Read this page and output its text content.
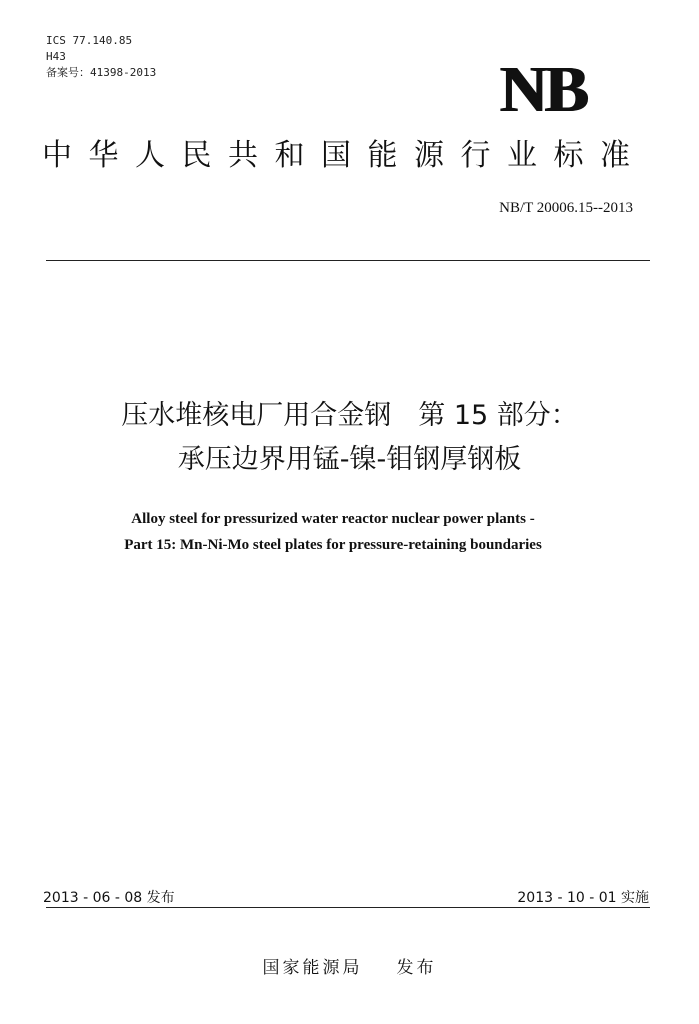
ICS 77.140.85
H43
备案号：41398-2013	NB
中华人民共和国能源行业标准
NB/T 20006.15--2013
压水堆核电厂用合金钢　第 15 部分：
承压边界用锰-镍-钼钢厚钢板
Alloy steel for pressurized water reactor nuclear power plants -
Part 15: Mn-Ni-Mo steel plates for pressure-retaining boundaries
2013 - 06 - 08 发布	2013 - 10 - 01 实施
国家能源局 发布
